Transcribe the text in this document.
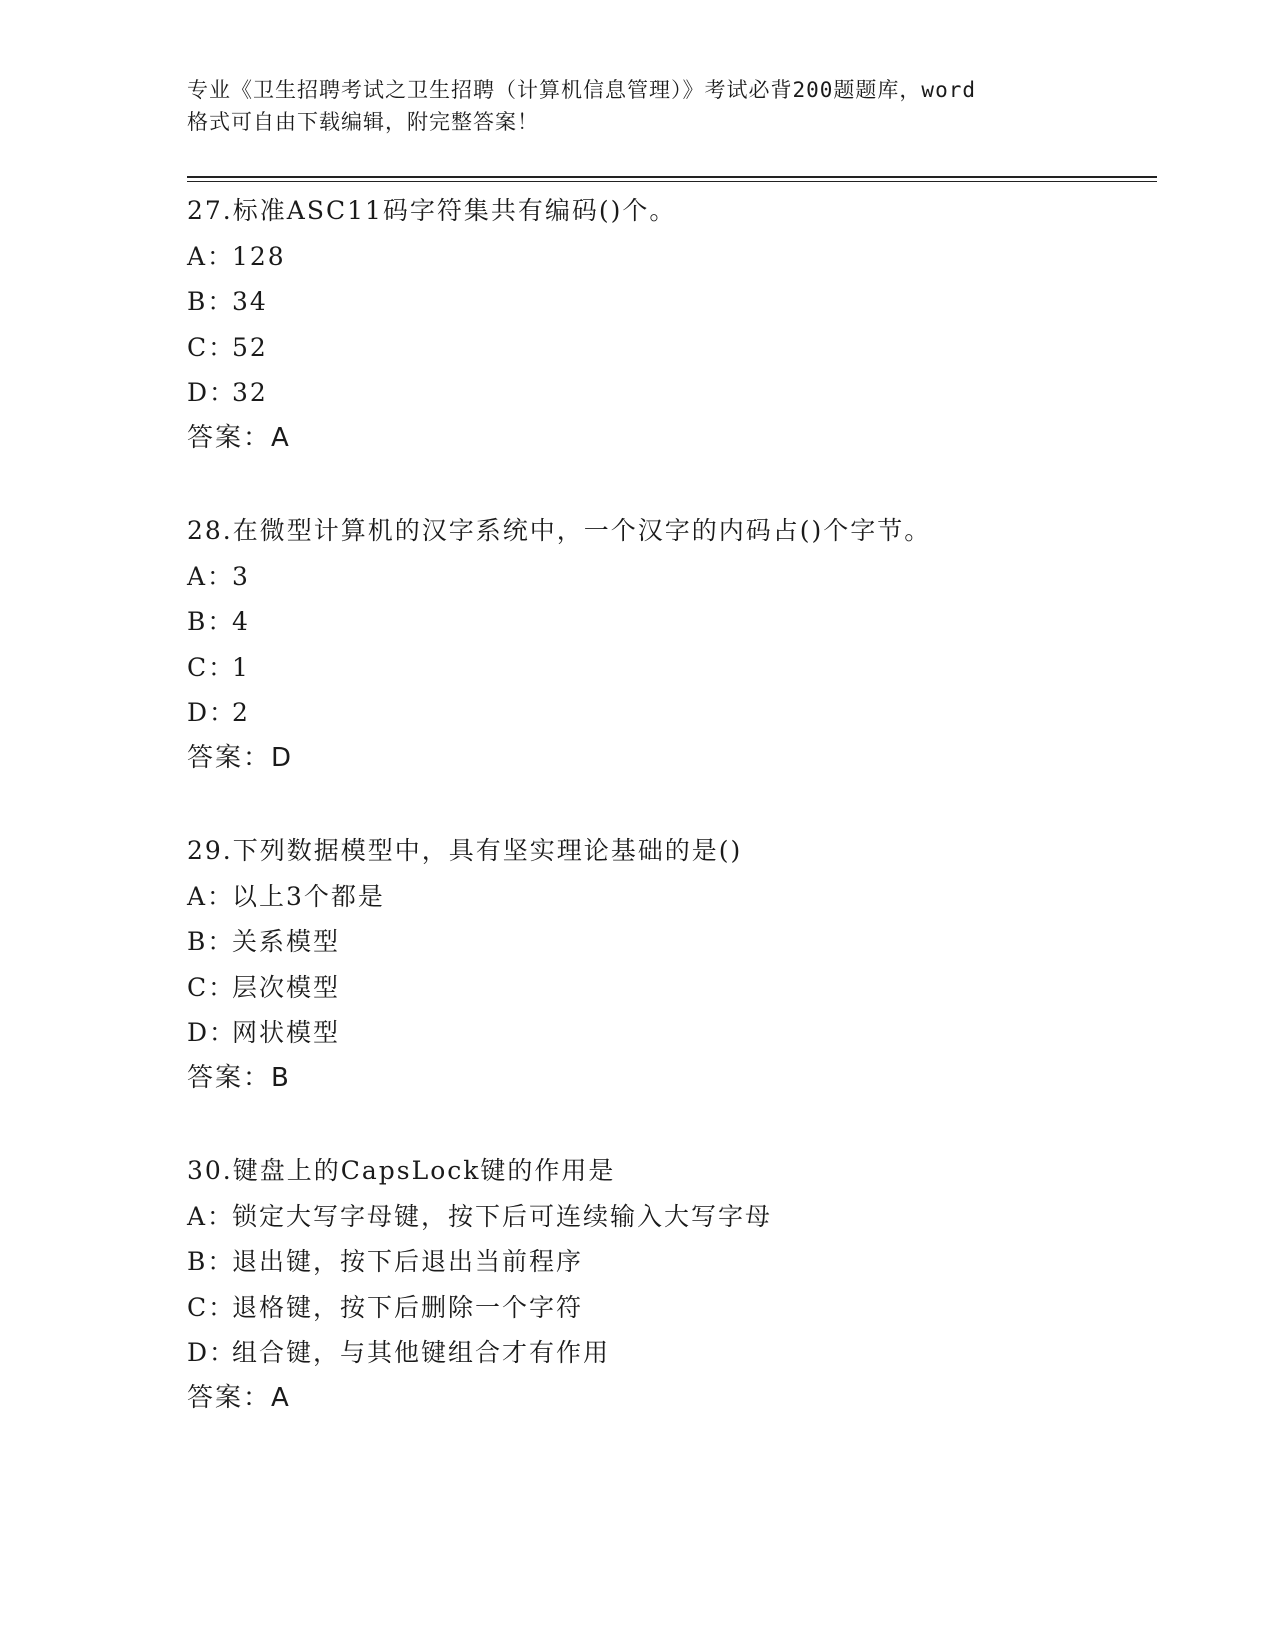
专业《卫生招聘考试之卫生招聘（计算机信息管理）》考试必背200题题库，word
格式可自由下载编辑，附完整答案！
27.标准ASC11码字符集共有编码()个。
A：128
B：34
C：52
D：32
答案：A
28.在微型计算机的汉字系统中，一个汉字的内码占()个字节。
A：3
B：4
C：1
D：2
答案：D
29.下列数据模型中，具有坚实理论基础的是()
A：以上3个都是
B：关系模型
C：层次模型
D：网状模型
答案：B
30.键盘上的CapsLock键的作用是
A：锁定大写字母键，按下后可连续输入大写字母
B：退出键，按下后退出当前程序
C：退格键，按下后删除一个字符
D：组合键，与其他键组合才有作用
答案：A
